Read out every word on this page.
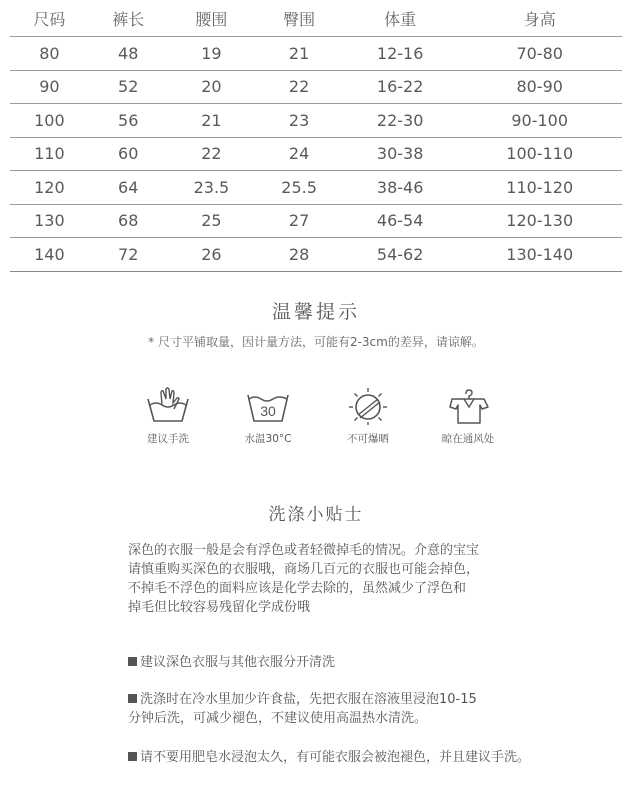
尺码	裤长	腰围	臀围	体重	身高
80	48	19	21	12-16	70-80
90	52	20	22	16-22	80-90
100	56	21	23	22-30	90-100
110	60	22	24	30-38	100-110
120	64	23.5	25.5	38-46	110-120
130	68	25	27	46-54	120-130
140	72	26	28	54-62	130-140
温馨提示
* 尺寸平铺取量，因计量方法，可能有2-3cm的差异，请谅解。
建议手洗
30
水温30°C	不可爆晒	晾在通风处
洗涤小贴士
深色的衣服一般是会有浮色或者轻微掉毛的情况。介意的宝宝
请慎重购买深色的衣服哦，商场几百元的衣服也可能会掉色，
不掉毛不浮色的面料应该是化学去除的，虽然减少了浮色和
掉毛但比较容易残留化学成份哦

建议深色衣服与其他衣服分开清洗

洗涤时在冷水里加少许食盐，先把衣服在溶液里浸泡10-15
分钟后洗，可减少褪色，不建议使用高温热水清洗。

请不要用肥皂水浸泡太久，有可能衣服会被泡褪色，并且建议手洗。
